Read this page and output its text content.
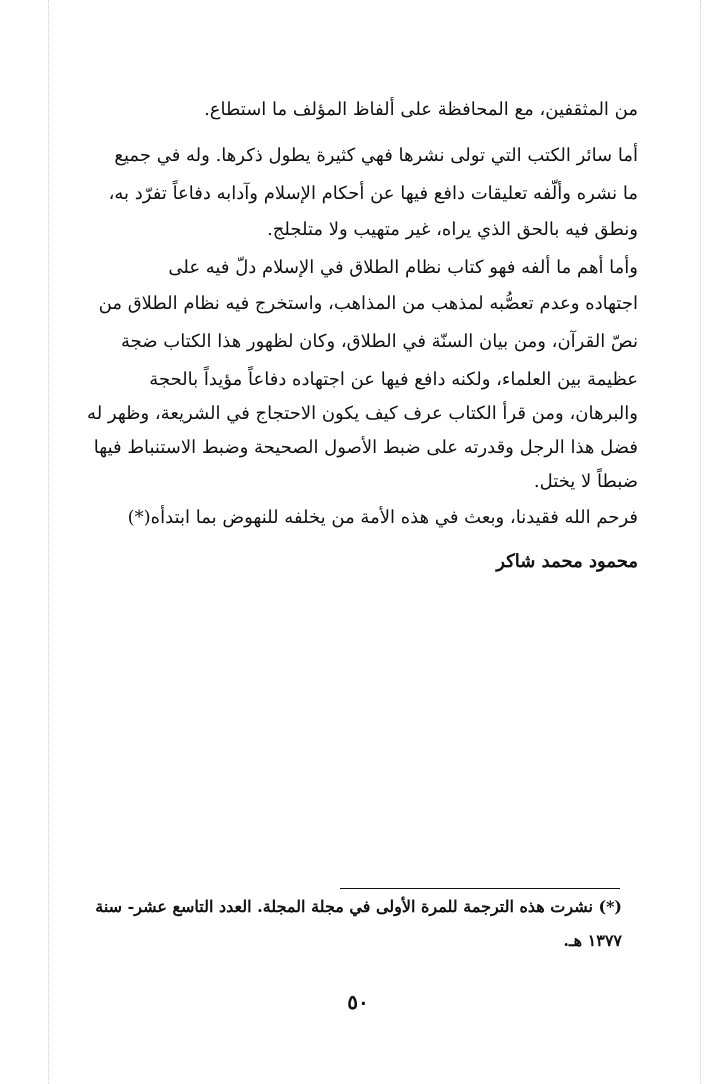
من المثقفين، مع المحافظة على ألفاظ المؤلف ما استطاع.
أما سائر الكتب التي تولى نشرها فهي كثيرة يطول ذكرها. وله في جميع
ما نشره وألّفه تعليقات دافع فيها عن أحكام الإسلام وآدابه دفاعاً تفرّد به،
ونطق فيه بالحق الذي يراه، غير متهيب ولا متلجلج.
وأما أهم ما ألفه فهو كتاب نظام الطلاق في الإسلام دلّ فيه على
اجتهاده وعدم تعصُّبه لمذهب من المذاهب، واستخرج فيه نظام الطلاق من
نصّ القرآن، ومن بيان السنّة في الطلاق، وكان لظهور هذا الكتاب ضجة
عظيمة بين العلماء، ولكنه دافع فيها عن اجتهاده دفاعاً مؤيداً بالحجة
والبرهان، ومن قرأ الكتاب عرف كيف يكون الاحتجاج في الشريعة، وظهر له
فضل هذا الرجل وقدرته على ضبط الأصول الصحيحة وضبط الاستنباط فيها
ضبطاً لا يختل.
فرحم الله فقيدنا، وبعث في هذه الأمة من يخلفه للنهوض بما ابتدأه(*)
محمود محمد شاكر
(*) نشرت هذه الترجمة للمرة الأولى في مجلة المجلة. العدد التاسع عشر- سنة
١٣٧٧ هـ.
٥٠
